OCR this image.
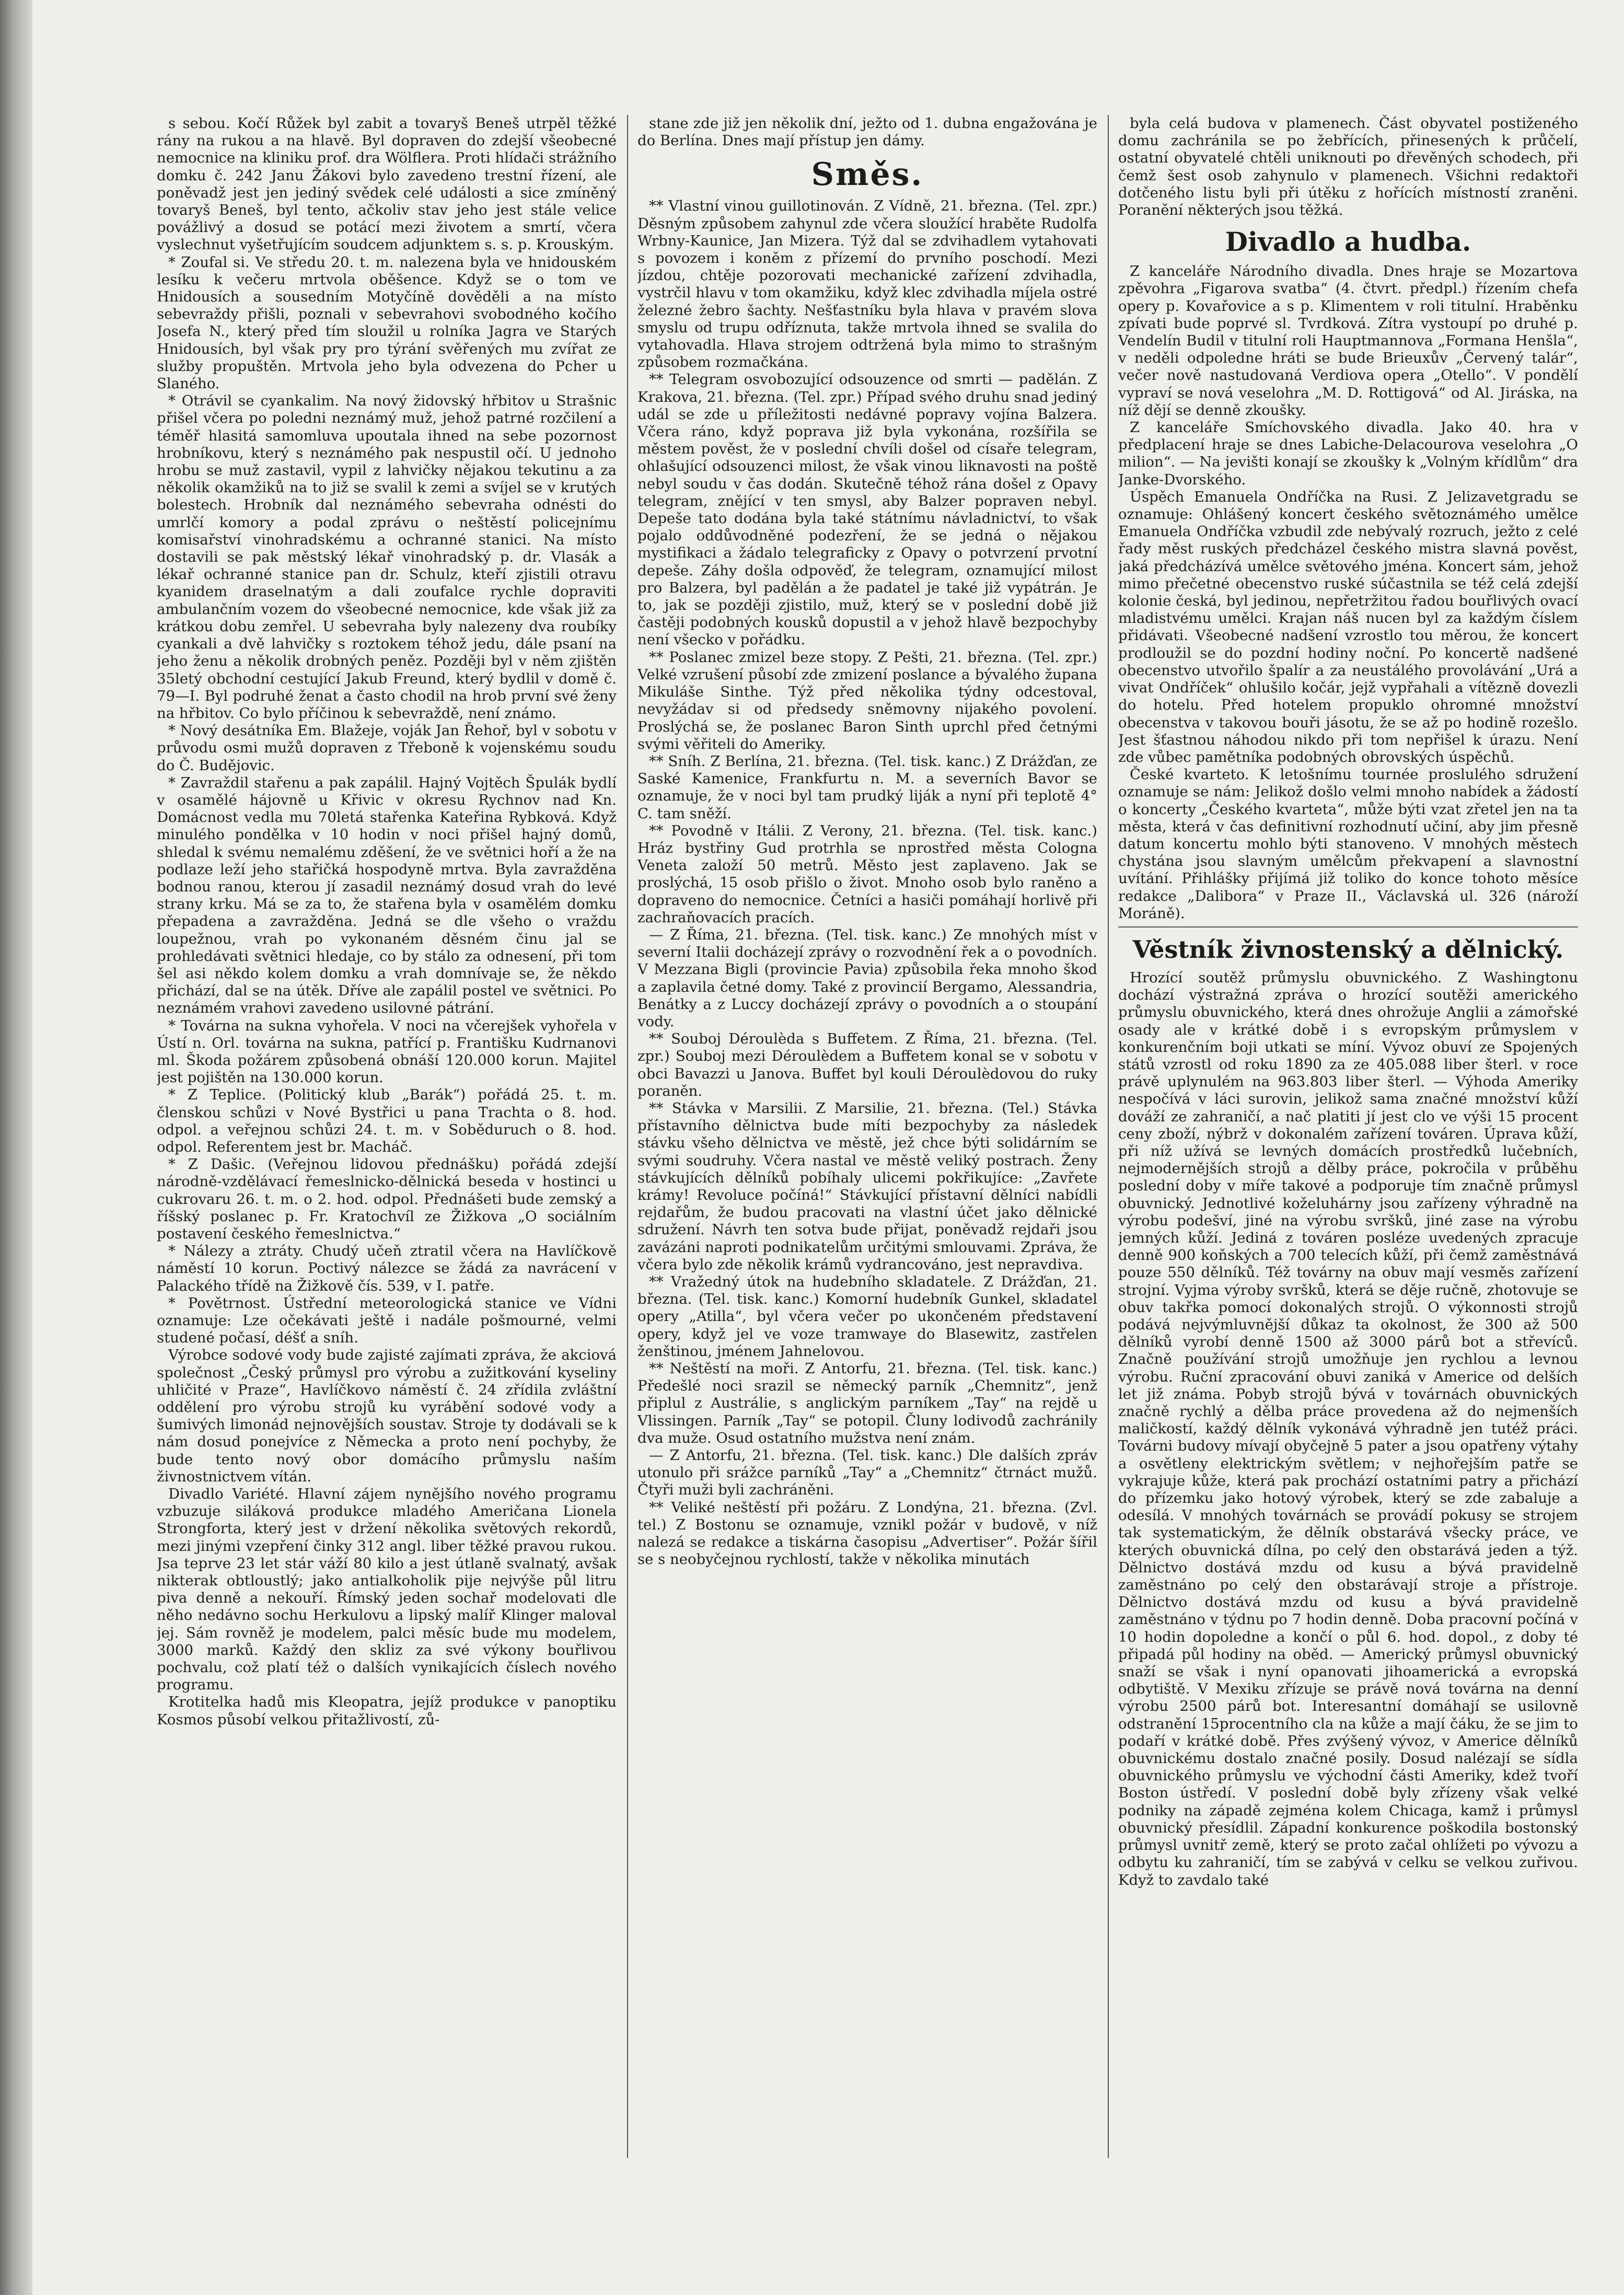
s sebou. Kočí Růžek byl zabit a tovaryš Beneš utrpěl těžké rány na rukou a na hlavě. Byl dopraven do zdejší všeobecné nemocnice na kliniku prof. dra Wölflera. Proti hlídači strážního domku č. 242 Janu Žákovi bylo zavedeno trestní řízení, ale poněvadž jest jen jediný svědek celé události a sice zmíněný tovaryš Beneš, byl tento, ačkoliv stav jeho jest stále velice povážlivý a dosud se potácí mezi životem a smrtí, včera vyslechnut vyšetřujícím soudcem adjunktem s. s. p. Krouským.

* Zoufal si. Ve středu 20. t. m. nalezena byla ve hnidouském lesíku k večeru mrtvola oběšence. Když se o tom ve Hnidousích a sousedním Motyčíně dověděli a na místo sebevraždy přišli, poznali v sebevrahovi svobodného kočího Josefa N., který před tím sloužil u rolníka Jagra ve Starých Hnidousích, byl však pry pro týrání svěřených mu zvířat ze služby propuštěn. Mrtvola jeho byla odvezena do Pcher u Slaného.

* Otrávil se cyankalim. Na nový židovský hřbitov u Strašnic přišel včera po poledni neznámý muž, jehož patrné rozčilení a téměř hlasitá samomluva upoutala ihned na sebe pozornost hrobníkovu, který s neznámého pak nespustil očí. U jednoho hrobu se muž zastavil, vypil z lahvičky nějakou tekutinu a za několik okamžiků na to již se svalil k zemi a svíjel se v krutých bolestech. Hrobník dal neznámého sebevraha odnésti do umrlčí komory a podal zprávu o neštěstí policejnímu komisařství vinohradskému a ochranné stanici. Na místo dostavili se pak městský lékař vinohradský p. dr. Vlasák a lékař ochranné stanice pan dr. Schulz, kteří zjistili otravu kyanidem draselnatým a dali zoufalce rychle dopraviti ambulančním vozem do všeobecné nemocnice, kde však již za krátkou dobu zemřel. U sebevraha byly nalezeny dva roubíky cyankali a dvě lahvičky s roztokem téhož jedu, dále psaní na jeho ženu a několik drobných peněz. Později byl v něm zjištěn 35letý obchodní cestující Jakub Freund, který bydlil v domě č. 79—I. Byl podruhé ženat a často chodil na hrob první své ženy na hřbitov. Co bylo příčinou k sebevraždě, není známo.

* Nový desátníka Em. Blažeje, voják Jan Řehoř, byl v sobotu v průvodu osmi mužů dopraven z Třeboně k vojenskému soudu do Č. Budějovic.

* Zavraždil stařenu a pak zapálil. Hajný Vojtěch Špulák bydlí v osamělé hájovně u Křivic v okresu Rychnov nad Kn. Domácnost vedla mu 70letá stařenka Kateřina Rybková. Když minulého pondělka v 10 hodin v noci přišel hajný domů, shledal k svému nemalému zděšení, že ve světnici hoří a že na podlaze leží jeho stařičká hospodyně mrtva. Byla zavražděna bodnou ranou, kterou jí zasadil neznámý dosud vrah do levé strany krku. Má se za to, že stařena byla v osamělém domku přepadena a zavražděna. Jedná se dle všeho o vraždu loupežnou, vrah po vykonaném děsném činu jal se prohledávati světnici hledaje, co by stálo za odnesení, při tom šel asi někdo kolem domku a vrah domnívaje se, že někdo přichází, dal se na útěk. Dříve ale zapálil postel ve světnici. Po neznámém vrahovi zavedeno usilovné pátrání.

* Továrna na sukna vyhořela. V noci na včerejšek vyhořela v Ústí n. Orl. továrna na sukna, patřící p. Františku Kudrnanovi ml. Škoda požárem způsobená obnáší 120.000 korun. Majitel jest pojištěn na 130.000 korun.

* Z Teplice. (Politický klub „Barák“) pořádá 25. t. m. členskou schůzi v Nové Bystřici u pana Trachta o 8. hod. odpol. a veřejnou schůzi 24. t. m. v Soběduruch o 8. hod. odpol. Referentem jest br. Macháč.

* Z Dašic. (Veřejnou lidovou přednášku) pořádá zdejší národně-vzdělávací řemeslnicko-dělnická beseda v hostinci u cukrovaru 26. t. m. o 2. hod. odpol. Přednášeti bude zemský a říšský poslanec p. Fr. Kratochvíl ze Žižkova „O sociálním postavení českého řemeslnictva.“

* Nálezy a ztráty. Chudý učeň ztratil včera na Havlíčkově náměstí 10 korun. Poctivý nálezce se žádá za navrácení v Palackého třídě na Žižkově čís. 539, v I. patře.

* Povětrnost. Ústřední meteorologická stanice ve Vídni oznamuje: Lze očekávati ještě i nadále pošmourné, velmi studené počasí, déšť a sníh.

Výrobce sodové vody bude zajisté zajímati zpráva, že akciová společnost „Český průmysl pro výrobu a zužitkování kyseliny uhličité v Praze“, Havlíčkovo náměstí č. 24 zřídila zvláštní oddělení pro výrobu strojů ku vyrábění sodové vody a šumivých limonád nejnovějších soustav. Stroje ty dodávali se k nám dosud ponejvíce z Německa a proto není pochyby, že bude tento nový obor domácího průmyslu naším živnostnictvem vítán.

Divadlo Variété. Hlavní zájem nynějšího nového programu vzbuzuje siláková produkce mladého Američana Lionela Strongforta, který jest v držení několika světových rekordů, mezi jinými vzepření činky 312 angl. liber těžké pravou rukou. Jsa teprve 23 let stár váží 80 kilo a jest útlaně svalnatý, avšak nikterak obtloustlý; jako antialkoholik pije nejvýše půl litru piva denně a nekouří. Římský jeden sochař modelovati dle něho nedávno sochu Herkulovu a lipský malíř Klinger maloval jej. Sám rovněž je modelem, palci měsíc bude mu modelem, 3000 marků. Každý den skliz za své výkony bouřlivou pochvalu, což platí též o dalších vynikajících číslech nového programu.

Krotitelka hadů mis Kleopatra, jejíž produkce v panoptiku Kosmos působí velkou přitažlivostí, zů-

stane zde již jen několik dní, ježto od 1. dubna engažována je do Berlína. Dnes mají přístup jen dámy.

Směs.

** Vlastní vinou guillotinován. Z Vídně, 21. března. (Tel. zpr.) Děsným způsobem zahynul zde včera sloužící hraběte Rudolfa Wrbny-Kaunice, Jan Mizera. Týž dal se zdvihadlem vytahovati s povozem i koněm z přízemí do prvního poschodí. Mezi jízdou, chtěje pozorovati mechanické zařízení zdvihadla, vystrčil hlavu v tom okamžiku, když klec zdvihadla míjela ostré železné žebro šachty. Nešťastníku byla hlava v pravém slova smyslu od trupu odříznuta, takže mrtvola ihned se svalila do vytahovadla. Hlava strojem odtržená byla mimo to strašným způsobem rozmačkána.

** Telegram osvobozující odsouzence od smrti — padělán. Z Krakova, 21. března. (Tel. zpr.) Případ svého druhu snad jediný udál se zde u příležitosti nedávné popravy vojína Balzera. Včera ráno, když poprava již byla vykonána, rozšířila se městem pověst, že v poslední chvíli došel od císaře telegram, ohlašující odsouzenci milost, že však vinou liknavosti na poště nebyl soudu v čas dodán. Skutečně téhož rána došel z Opavy telegram, znějící v ten smysl, aby Balzer popraven nebyl. Depeše tato dodána byla také státnímu návladnictví, to však pojalo oddůvodněné podezření, že se jedná o nějakou mystifikaci a žádalo telegraficky z Opavy o potvrzení prvotní depeše. Záhy došla odpověď, že telegram, oznamující milost pro Balzera, byl padělán a že padatel je také již vypátrán. Je to, jak se později zjistilo, muž, který se v poslední době již častěji podobných kousků dopustil a v jehož hlavě bezpochyby není všecko v pořádku.

** Poslanec zmizel beze stopy. Z Pešti, 21. března. (Tel. zpr.) Velké vzrušení působí zde zmizení poslance a bývalého župana Mikuláše Sinthe. Týž před několika týdny odcestoval, nevyžádav si od předsedy sněmovny nijakého povolení. Proslýchá se, že poslanec Baron Sinth uprchl před četnými svými věřiteli do Ameriky.

** Sníh. Z Berlína, 21. března. (Tel. tisk. kanc.) Z Drážďan, ze Saské Kamenice, Frankfurtu n. M. a severních Bavor se oznamuje, že v noci byl tam prudký liják a nyní při teplotě 4° C. tam sněží.

** Povodně v Itálii. Z Verony, 21. března. (Tel. tisk. kanc.) Hráz bystřiny Gud protrhla se nprostřed města Cologna Veneta založí 50 metrů. Město jest zaplaveno. Jak se proslýchá, 15 osob přišlo o život. Mnoho osob bylo raněno a dopraveno do nemocnice. Četníci a hasiči pomáhají horlivě při zachraňovacích pracích.

— Z Říma, 21. března. (Tel. tisk. kanc.) Ze mnohých míst v severní Italii docházejí zprávy o rozvodnění řek a o povodních. V Mezzana Bigli (provincie Pavia) způsobila řeka mnoho škod a zaplavila četné domy. Také z provincií Bergamo, Alessandria, Benátky a z Luccy docházejí zprávy o povodních a o stoupání vody.

** Souboj Déroulèda s Buffetem. Z Říma, 21. března. (Tel. zpr.) Souboj mezi Déroulèdem a Buffetem konal se v sobotu v obci Bavazzi u Janova. Buffet byl kouli Déroulèdovou do ruky poraněn.

** Stávka v Marsilii. Z Marsilie, 21. března. (Tel.) Stávka přístavního dělnictva bude míti bezpochyby za následek stávku všeho dělnictva ve městě, jež chce býti solidárním se svými soudruhy. Včera nastal ve městě veliký postrach. Ženy stávkujících dělníků pobíhaly ulicemi pokřikujíce: „Zavřete krámy! Revoluce počíná!“ Stávkující přístavní dělníci nabídli rejdařům, že budou pracovati na vlastní účet jako dělnické sdružení. Návrh ten sotva bude přijat, poněvadž rejdaři jsou zavázáni naproti podnikatelům určitými smlouvami. Zpráva, že včera bylo zde několik krámů vydrancováno, jest nepravdiva.

** Vražedný útok na hudebního skladatele. Z Drážďan, 21. března. (Tel. tisk. kanc.) Komorní hudebník Gunkel, skladatel opery „Atilla“, byl včera večer po ukončeném představení opery, když jel ve voze tramwaye do Blasewitz, zastřelen ženštinou, jménem Jahnelovou.

** Neštěstí na moři. Z Antorfu, 21. března. (Tel. tisk. kanc.) Předešlé noci srazil se německý parník „Chemnitz“, jenž připlul z Austrálie, s anglickým parníkem „Tay“ na rejdě u Vlissingen. Parník „Tay“ se potopil. Čluny lodivodů zachránily dva muže. Osud ostatního mužstva není znám.

— Z Antorfu, 21. března. (Tel. tisk. kanc.) Dle dalších zpráv utonulo při srážce parníků „Tay“ a „Chemnitz“ čtrnáct mužů. Čtyři muži byli zachráněni.

** Veliké neštěstí při požáru. Z Londýna, 21. března. (Zvl. tel.) Z Bostonu se oznamuje, vznikl požár v budově, v níž nalezá se redakce a tiskárna časopisu „Advertiser“. Požár šířil se s neobyčejnou rychlostí, takže v několika minutách

byla celá budova v plamenech. Část obyvatel postiženého domu zachránila se po žebřících, přinesených k průčelí, ostatní obyvatelé chtěli uniknouti po dřevěných schodech, při čemž šest osob zahynulo v plamenech. Všichni redaktoři dotčeného listu byli při útěku z hořících místností zraněni. Poranění některých jsou těžká.

Divadlo a hudba.

Z kanceláře Národního divadla. Dnes hraje se Mozartova zpěvohra „Figarova svatba“ (4. čtvrt. předpl.) řízením chefa opery p. Kovařovice a s p. Klimentem v roli titulní. Hraběnku zpívati bude poprvé sl. Tvrdková. Zítra vystoupí po druhé p. Vendelín Budil v titulní roli Hauptmannova „Formana Henšla“, v neděli odpoledne hráti se bude Brieuxův „Červený talár“, večer nově nastudovaná Verdiova opera „Otello“. V pondělí vypraví se nová veselohra „M. D. Rottigová“ od Al. Jiráska, na níž dějí se denně zkoušky.

Z kanceláře Smíchovského divadla. Jako 40. hra v předplacení hraje se dnes Labiche-Delacourova veselohra „O milion“. — Na jevišti konají se zkoušky k „Volným křídlům“ dra Janke-Dvorského.

Úspěch Emanuela Ondříčka na Rusi. Z Jelizavetgradu se oznamuje: Ohlášený koncert českého světoznámého umělce Emanuela Ondříčka vzbudil zde nebývalý rozruch, ježto z celé řady měst ruských předcházel českého mistra slavná pověst, jaká předcházívá umělce světového jména. Koncert sám, jehož mimo přečetné obecenstvo ruské súčastnila se též celá zdejší kolonie česká, byl jedinou, nepřetržitou řadou bouřlivých ovací mladistvému umělci. Krajan náš nucen byl za každým číslem přidávati. Všeobecné nadšení vzrostlo tou měrou, že koncert prodloužil se do pozdní hodiny noční. Po koncertě nadšené obecenstvo utvořilo špalír a za neustálého provolávání „Urá a vivat Ondříček“ ohlušilo kočár, jejž vypřahali a vítězně dovezli do hotelu. Před hotelem propuklo ohromné množství obecenstva v takovou bouři jásotu, že se až po hodině rozešlo. Jest šťastnou náhodou nikdo při tom nepřišel k úrazu. Není zde vůbec pamětníka podobných obrovských úspěchů.

České kvarteto. K letošnímu tournée prosluléhо sdružení oznamuje se nám: Jelikož došlo velmi mnoho nabídek a žádostí o koncerty „Českého kvarteta“, může býti vzat zřetel jen na ta města, která v čas definitivní rozhodnutí učiní, aby jim přesně datum koncertu mohlo býti stanoveno. V mnohých městech chystána jsou slavným umělcům překvapení a slavnostní uvítání. Přihlášky přijímá již toliko do konce tohoto měsíce redakce „Dalibora“ v Praze II., Václavská ul. 326 (nároží Moráně).

Věstník živnostenský a dělnický.

Hrozící soutěž průmyslu obuvnického. Z Washingtonu dochází výstražná zpráva o hrozící soutěži amerického průmyslu obuvnického, která dnes ohrožuje Anglii a zámořské osady ale v krátké době i s evropským průmyslem v konkurenčním boji utkati se míní. Vývoz obuví ze Spojených států vzrostl od roku 1890 za ze 405.088 liber šterl. v roce právě uplynulém na 963.803 liber šterl. — Výhoda Ameriky nespočívá v láci surovin, jelikož sama značné množství kůží dováží ze zahraničí, a nač platiti jí jest clo ve výši 15 procent ceny zboží, nýbrž v dokonalém zařízení továren. Úprava kůží, při níž užívá se levných domácích prostředků lučebních, nejmodernějších strojů a dělby práce, pokročila v průběhu poslední doby v míře takové a podporuje tím značně průmysl obuvnický. Jednotlivé koželuhárny jsou zařízeny výhradně na výrobu podešví, jiné na výrobu svršků, jiné zase na výrobu jemných kůží. Jediná z továren posléze uvedených zpracuje denně 900 koňských a 700 telecích kůží, při čemž zaměstnává pouze 550 dělníků. Též továrny na obuv mají vesměs zařízení strojní. Vyjma výroby svršků, která se děje ručně, zhotovuje se obuv takřka pomocí dokonalých strojů. O výkonnosti strojů podává nejvýmluvnější důkaz ta okolnost, že 300 až 500 dělníků vyrobí denně 1500 až 3000 párů bot a střevíců. Značně používání strojů umožňuje jen rychlou a levnou výrobu. Ruční zpracování obuvi zaniká v Americe od delších let již známa. Pobyb strojů bývá v továrnách obuvnických značně rychlý a dělba práce provedena až do nejmenších maličkostí, každý dělník vykonává výhradně jen tutéž práci. Továrni budovy mívají obyčejně 5 pater a jsou opatřeny výtahy a osvětleny elektrickým světlem; v nejhořejším patře se vykrajuje kůže, která pak prochází ostatními patry a přichází do přízemku jako hotový výrobek, který se zde zabaluje a odesílá. V mnohých továrnách se provádí pokusy se strojem tak systematickým, že dělník obstarává všecky práce, ve kterých obuvnická dílna, po celý den obstarává jeden a týž. Dělnictvo dostává mzdu od kusu a bývá pravidelně zaměstnáno po celý den obstarávají stroje a přístroje. Dělnictvo dostává mzdu od kusu a bývá pravidelně zaměstnáno v týdnu po 7 hodin denně. Doba pracovní počíná v 10 hodin dopoledne a končí o půl 6. hod. dopol., z doby té připadá půl hodiny na oběd. — Americký průmysl obuvnický snaží se však i nyní opanovati jihoamerická a evropská odbytiště. V Mexiku zřízuje se právě nová továrna na denní výrobu 2500 párů bot. Interesantní domáhají se usilovně odstranění 15procentního cla na kůže a mají čáku, že se jim to podaří v krátké době. Přes zvýšený vývoz, v Americe dělníků obuvnickému dostalo značné posily. Dosud nalézají se sídla obuvnického průmyslu ve východní části Ameriky, kdež tvoří Boston ústředí. V poslední době byly zřízeny však velké podniky na západě zejména kolem Chicaga, kamž i průmysl obuvnický přesídlil. Západní konkurence poškodila bostonský průmysl uvnitř země, který se proto začal ohlížeti po vývozu a odbytu ku zahraničí, tím se zabývá v celku se velkou zuřivou. Když to zavdalo také
